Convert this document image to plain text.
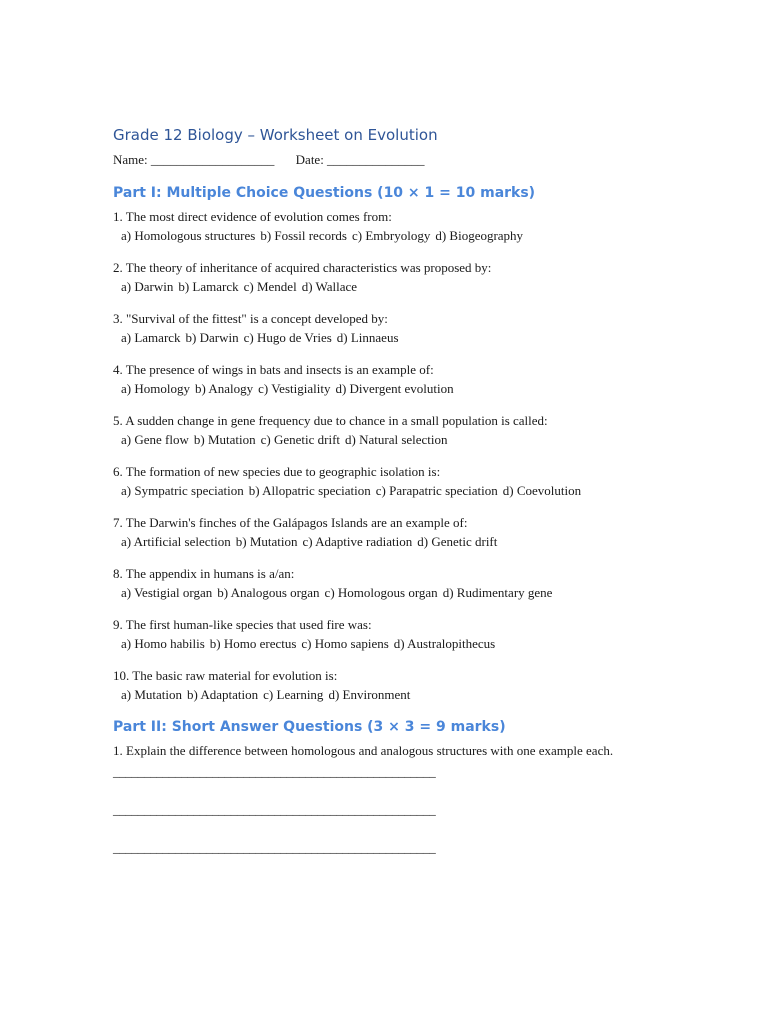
Grade 12 Biology – Worksheet on Evolution
Name: ___________________ Date: _______________
Part I: Multiple Choice Questions (10 × 1 = 10 marks)
1. The most direct evidence of evolution comes from:
a) Homologous structures b) Fossil records c) Embryology d) Biogeography
2. The theory of inheritance of acquired characteristics was proposed by:
a) Darwin b) Lamarck c) Mendel d) Wallace
3. "Survival of the fittest" is a concept developed by:
a) Lamarck b) Darwin c) Hugo de Vries d) Linnaeus
4. The presence of wings in bats and insects is an example of:
a) Homology b) Analogy c) Vestigiality d) Divergent evolution
5. A sudden change in gene frequency due to chance in a small population is called:
a) Gene flow b) Mutation c) Genetic drift d) Natural selection
6. The formation of new species due to geographic isolation is:
a) Sympatric speciation b) Allopatric speciation c) Parapatric speciation d) Coevolution
7. The Darwin's finches of the Galápagos Islands are an example of:
a) Artificial selection b) Mutation c) Adaptive radiation d) Genetic drift
8. The appendix in humans is a/an:
a) Vestigial organ b) Analogous organ c) Homologous organ d) Rudimentary gene
9. The first human-like species that used fire was:
a) Homo habilis b) Homo erectus c) Homo sapiens d) Australopithecus
10. The basic raw material for evolution is:
a) Mutation b) Adaptation c) Learning d) Environment
Part II: Short Answer Questions (3 × 3 = 9 marks)
1. Explain the difference between homologous and analogous structures with one example each.
____________________________________________________
____________________________________________________
____________________________________________________
